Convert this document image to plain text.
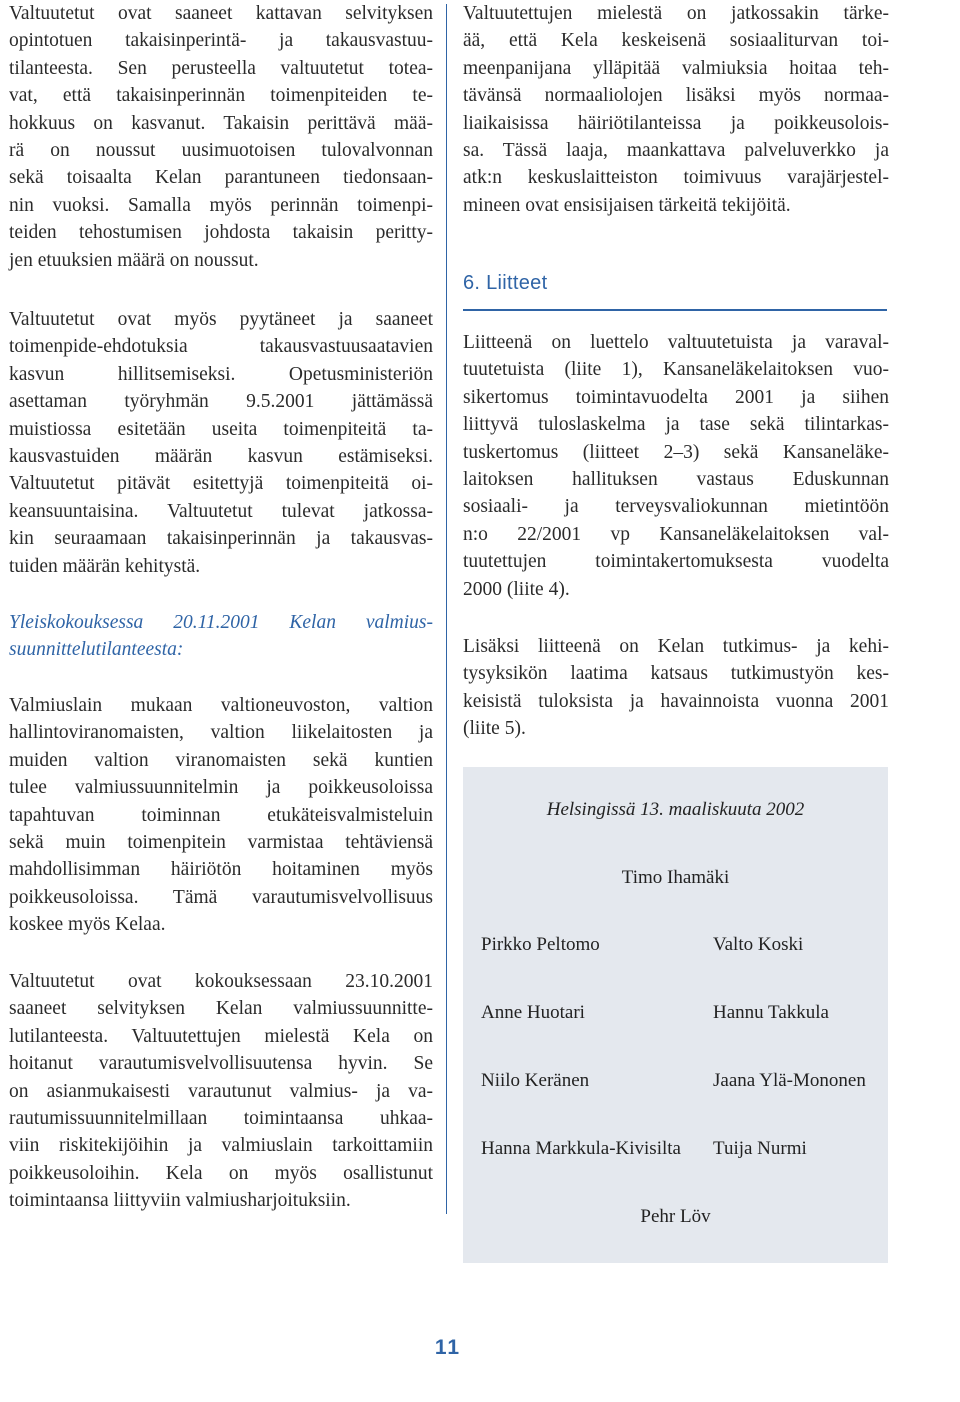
Valtuutetut ovat saaneet kattavan selvityksen
opintotuen takaisinperintä- ja takausvastuu-
tilanteesta. Sen perusteella valtuutetut totea-
vat, että takaisinperinnän toimenpiteiden te-
hokkuus on kasvanut. Takaisin perittävä mää-
rä on noussut uusimuotoisen tulovalvonnan
sekä toisaalta Kelan parantuneen tiedonsaan-
nin vuoksi. Samalla myös perinnän toimenpi-
teiden tehostumisen johdosta takaisin peritty-
jen etuuksien määrä on noussut.
Valtuutetut ovat myös pyytäneet ja saaneet
toimenpide-ehdotuksia takausvastuusaatavien
kasvun hillitsemiseksi. Opetusministeriön
asettaman työryhmän 9.5.2001 jättämässä
muistiossa esitetään useita toimenpiteitä ta-
kausvastuiden määrän kasvun estämiseksi.
Valtuutetut pitävät esitettyjä toimenpiteitä oi-
keansuuntaisina. Valtuutetut tulevat jatkossa-
kin seuraamaan takaisinperinnän ja takausvas-
tuiden määrän kehitystä.
Yleiskokouksessa 20.11.2001 Kelan valmius-
suunnittelutilanteesta:
Valmiuslain mukaan valtioneuvoston, valtion
hallintoviranomaisten, valtion liikelaitosten ja
muiden valtion viranomaisten sekä kuntien
tulee valmiussuunnitelmin ja poikkeusoloissa
tapahtuvan toiminnan etukäteisvalmisteluin
sekä muin toimenpitein varmistaa tehtäviensä
mahdollisimman häiriötön hoitaminen myös
poikkeusoloissa. Tämä varautumisvelvollisuus
koskee myös Kelaa.
Valtuutetut ovat kokouksessaan 23.10.2001
saaneet selvityksen Kelan valmiussuunnitte-
lutilanteesta. Valtuutettujen mielestä Kela on
hoitanut varautumisvelvollisuutensa hyvin. Se
on asianmukaisesti varautunut valmius- ja va-
rautumissuunnitelmillaan toimintaansa uhkaa-
viin riskitekijöihin ja valmiuslain tarkoittamiin
poikkeusoloihin. Kela on myös osallistunut
toimintaansa liittyviin valmiusharjoituksiin.
Valtuutettujen mielestä on jatkossakin tärke-
ää, että Kela keskeisenä sosiaaliturvan toi-
meenpanijana ylläpitää valmiuksia hoitaa teh-
tävänsä normaaliolojen lisäksi myös normaa-
liaikaisissa häiriötilanteissa ja poikkeusolois-
sa. Tässä laaja, maankattava palveluverkko ja
atk:n keskuslaitteiston toimivuus varajärjestel-
mineen ovat ensisijaisen tärkeitä tekijöitä.
6. Liitteet
Liitteenä on luettelo valtuutetuista ja varaval-
tuutetuista (liite 1), Kansaneläkelaitoksen vuo-
sikertomus toimintavuodelta 2001 ja siihen
liittyvä tuloslaskelma ja tase sekä tilintarkas-
tuskertomus (liitteet 2–3) sekä Kansaneläke-
laitoksen hallituksen vastaus Eduskunnan
sosiaali- ja terveysvaliokunnan mietintöön
n:o 22/2001 vp Kansaneläkelaitoksen val-
tuutettujen toimintakertomuksesta vuodelta
2000 (liite 4).
Lisäksi liitteenä on Kelan tutkimus- ja kehi-
tysyksikön laatima katsaus tutkimustyön kes-
keisistä tuloksista ja havainnoista vuonna 2001
(liite 5).
Helsingissä 13. maaliskuuta 2002
Timo Ihamäki
Pirkko Peltomo	Valto Koski
Anne Huotari	Hannu Takkula
Niilo Keränen	Jaana Ylä-Mononen
Hanna Markkula-Kivisilta Tuija Nurmi
Pehr Löv
11
